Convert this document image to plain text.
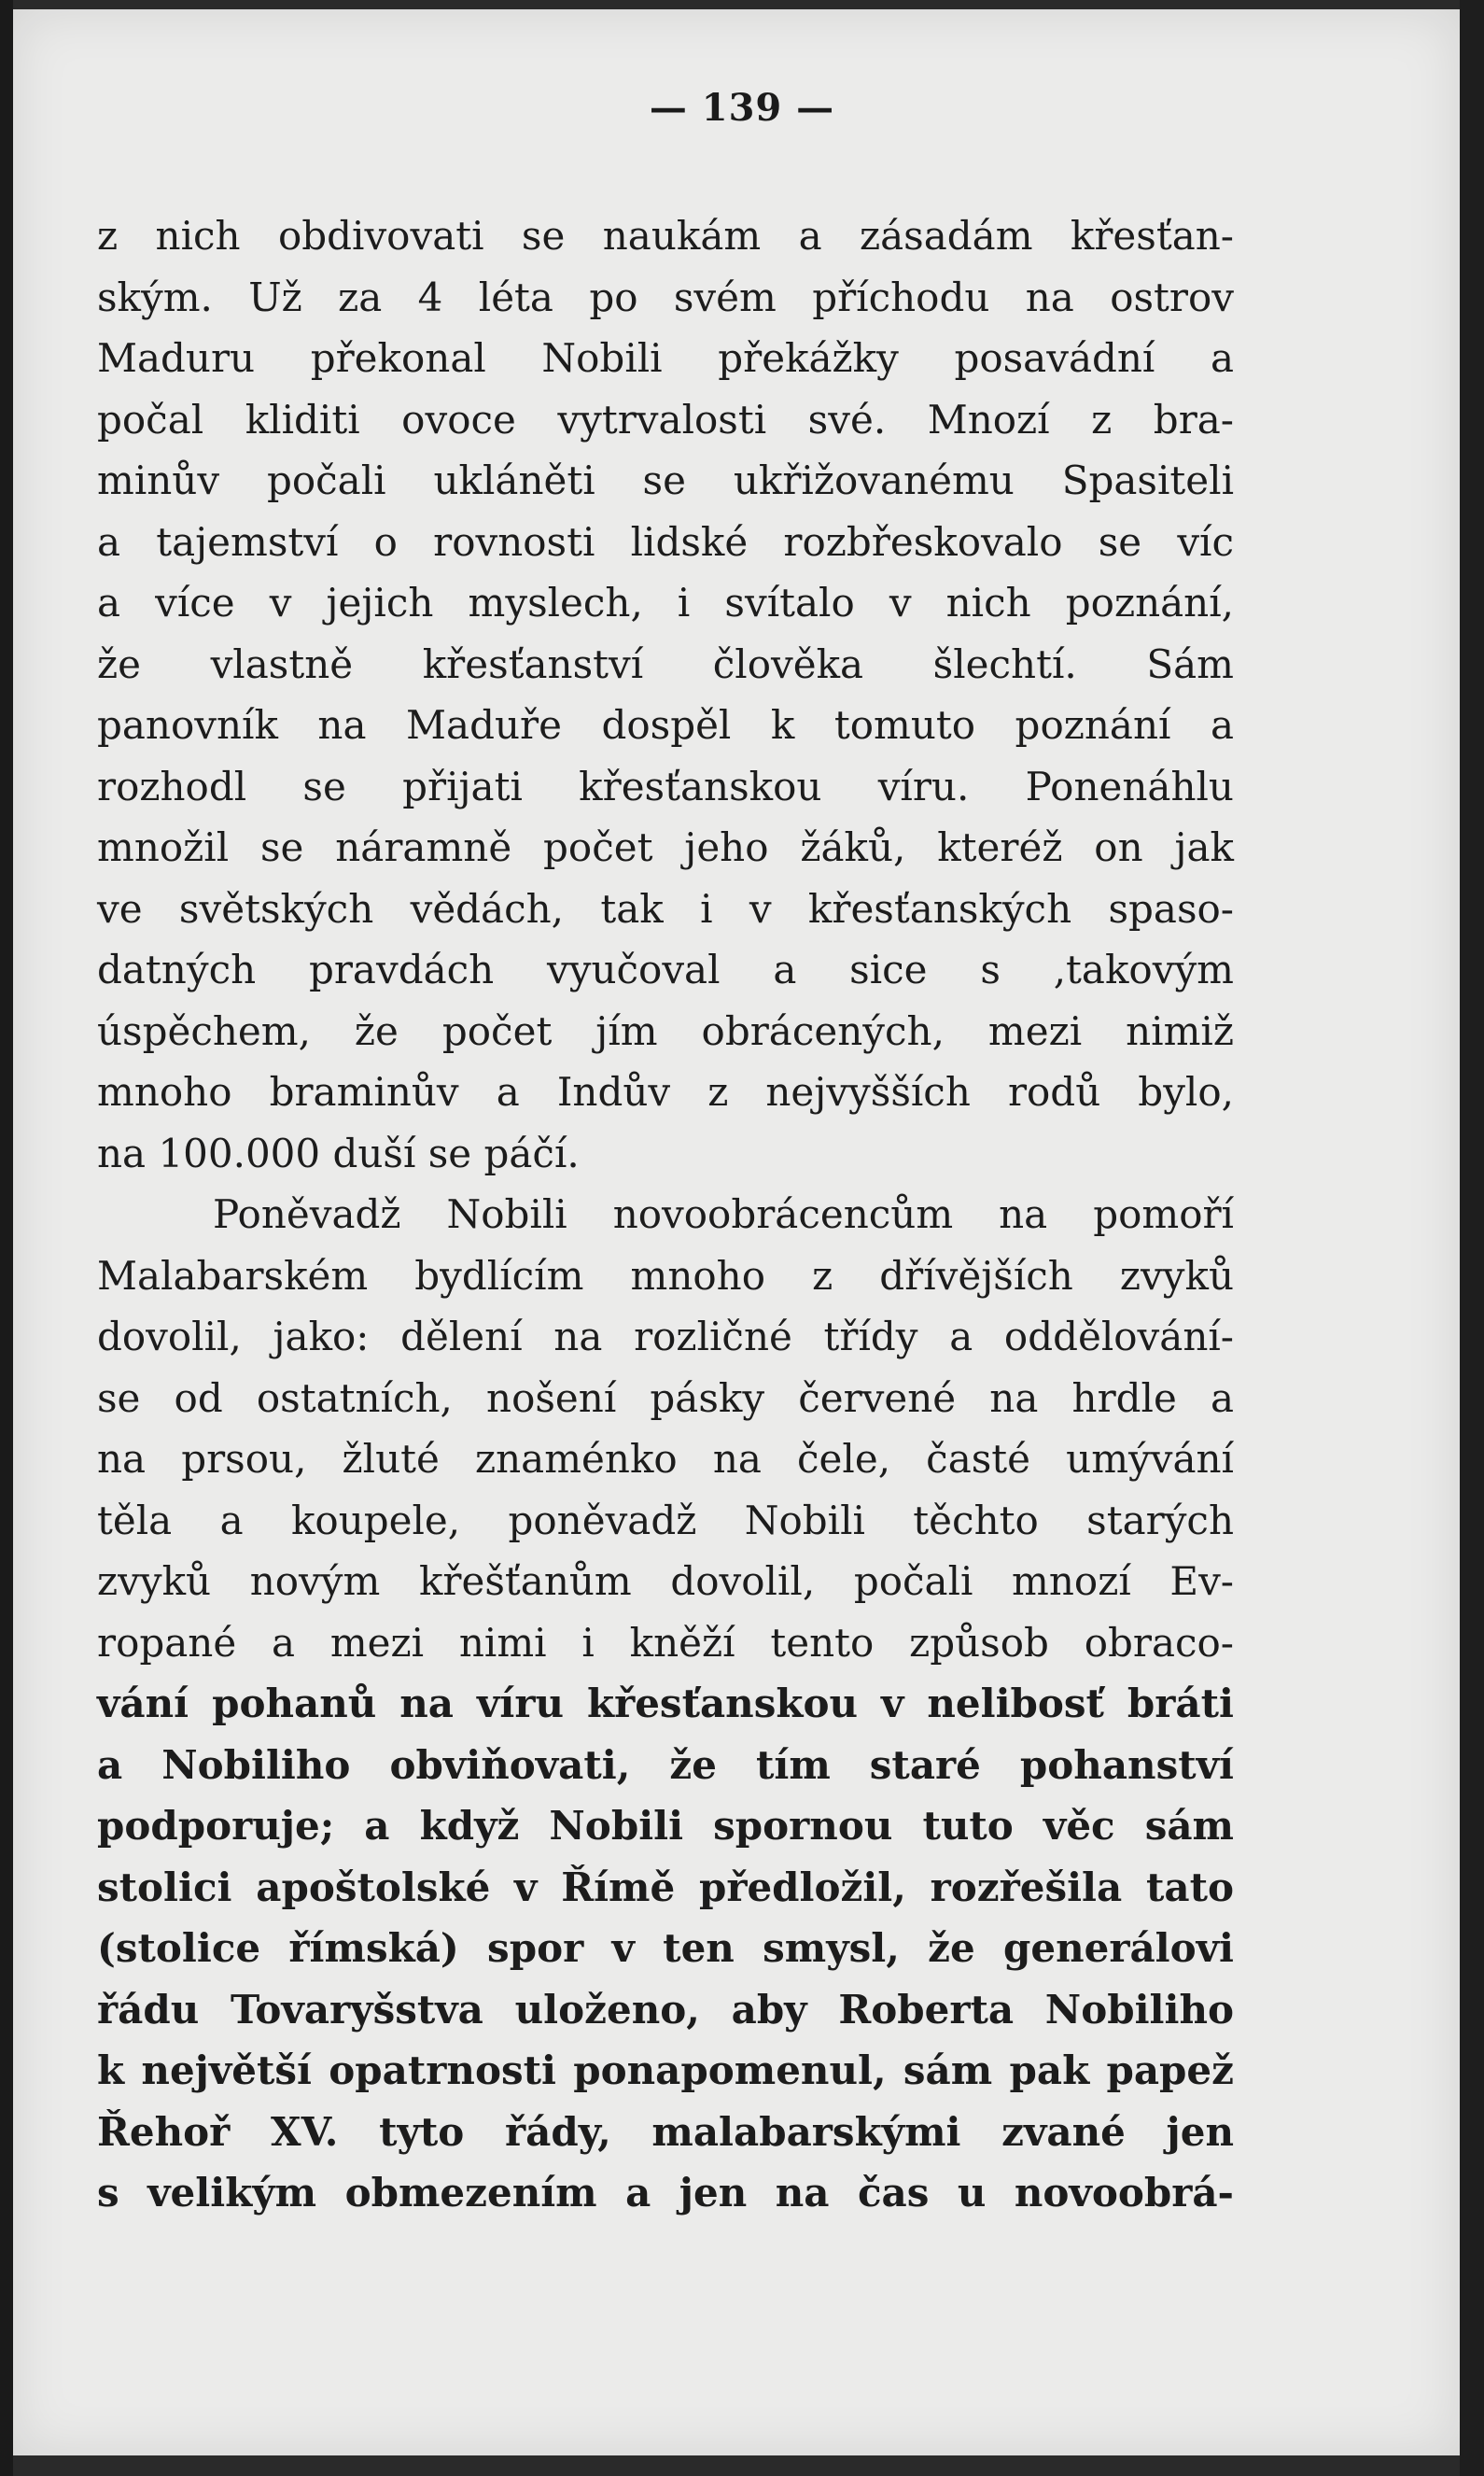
— 139 —
z nich obdivovati se naukám a zásadám křesťan-
ským. Už za 4 léta po svém příchodu na ostrov
Maduru překonal Nobili překážky posavádní a
počal kliditi ovoce vytrvalosti své. Mnozí z bra-
minův počali ukláněti se ukřižovanému Spasiteli
a tajemství o rovnosti lidské rozbřeskovalo se víc
a více v jejich myslech, i svítalo v nich poznání,
že vlastně křesťanství člověka šlechtí. Sám
panovník na Maduře dospěl k tomuto poznání a
rozhodl se přijati křesťanskou víru. Ponenáhlu
množil se náramně počet jeho žáků, kteréž on jak
ve světských vědách, tak i v křesťanských spaso-
datných pravdách vyučoval a sice s ,takovým
úspěchem, že počet jím obrácených, mezi nimiž
mnoho braminův a Indův z nejvyšších rodů bylo,
na 100.000 duší se páčí.
Poněvadž Nobili novoobrácencům na pomoří
Malabarském bydlícím mnoho z dřívějších zvyků
dovolil, jako: dělení na rozličné třídy a oddělování-
se od ostatních, nošení pásky červené na hrdle a
na prsou, žluté znaménko na čele, časté umývání
těla a koupele, poněvadž Nobili těchto starých
zvyků novým křešťanům dovolil, počali mnozí Ev-
ropané a mezi nimi i kněží tento způsob obraco-
vání pohanů na víru křesťanskou v nelibosť bráti
a Nobiliho obviňovati, že tím staré pohanství
podporuje; a když Nobili spornou tuto věc sám
stolici apoštolské v Římě předložil, rozřešila tato
(stolice římská) spor v ten smysl, že generálovi
řádu Tovaryšstva uloženo, aby Roberta Nobiliho
k největší opatrnosti ponapomenul, sám pak papež
Řehoř XV. tyto řády, malabarskými zvané jen
s velikým obmezením a jen na čas u novoobrá-
